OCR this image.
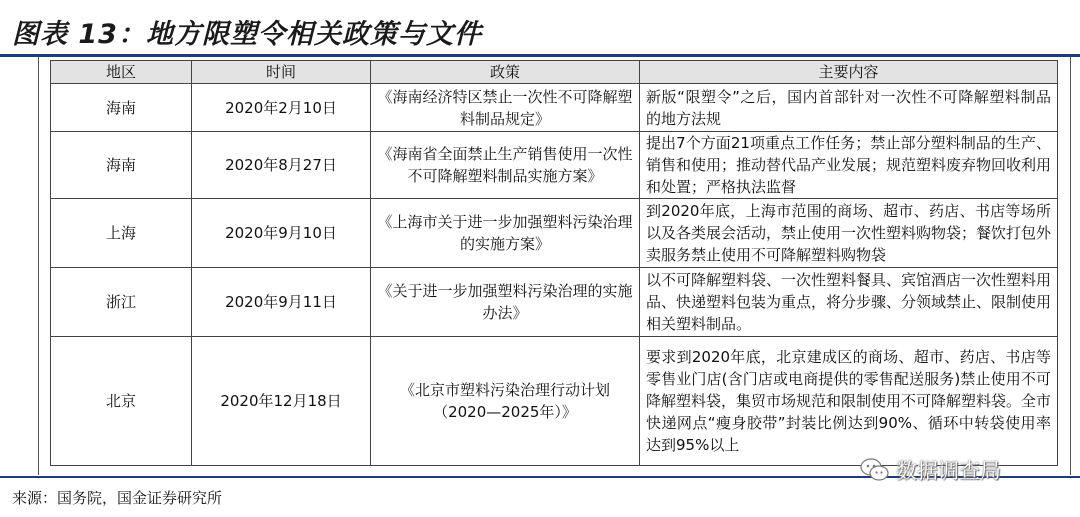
图表 13：地方限塑令相关政策与文件
地区	时间	政策	主要内容
海南	2020年2月10日	《海南经济特区禁止一次性不可降解塑料制品规定》	新版“限塑令”之后，国内首部针对一次性不可降解塑料制品的地方法规
海南	2020年8月27日	《海南省全面禁止生产销售使用一次性不可降解塑料制品实施方案》	提出7个方面21项重点工作任务；禁止部分塑料制品的生产、销售和使用；推动替代品产业发展；规范塑料废弃物回收利用和处置；严格执法监督
上海	2020年9月10日	《上海市关于进一步加强塑料污染治理的实施方案》	到2020年底，上海市范围的商场、超市、药店、书店等场所以及各类展会活动，禁止使用一次性塑料购物袋；餐饮打包外卖服务禁止使用不可降解塑料购物袋
浙江	2020年9月11日	《关于进一步加强塑料污染治理的实施办法》	以不可降解塑料袋、一次性塑料餐具、宾馆酒店一次性塑料用品、快递塑料包装为重点，将分步骤、分领域禁止、限制使用相关塑料制品。
北京	2020年12月18日	《北京市塑料污染治理行动计划（2020—2025年）》	要求到2020年底，北京建成区的商场、超市、药店、书店等零售业门店(含门店或电商提供的零售配送服务)禁止使用不可降解塑料袋，集贸市场规范和限制使用不可降解塑料袋。全市快递网点“瘦身胶带”封装比例达到90%、循环中转袋使用率达到95%以上
来源：国务院，国金证券研究所
数据调查局
